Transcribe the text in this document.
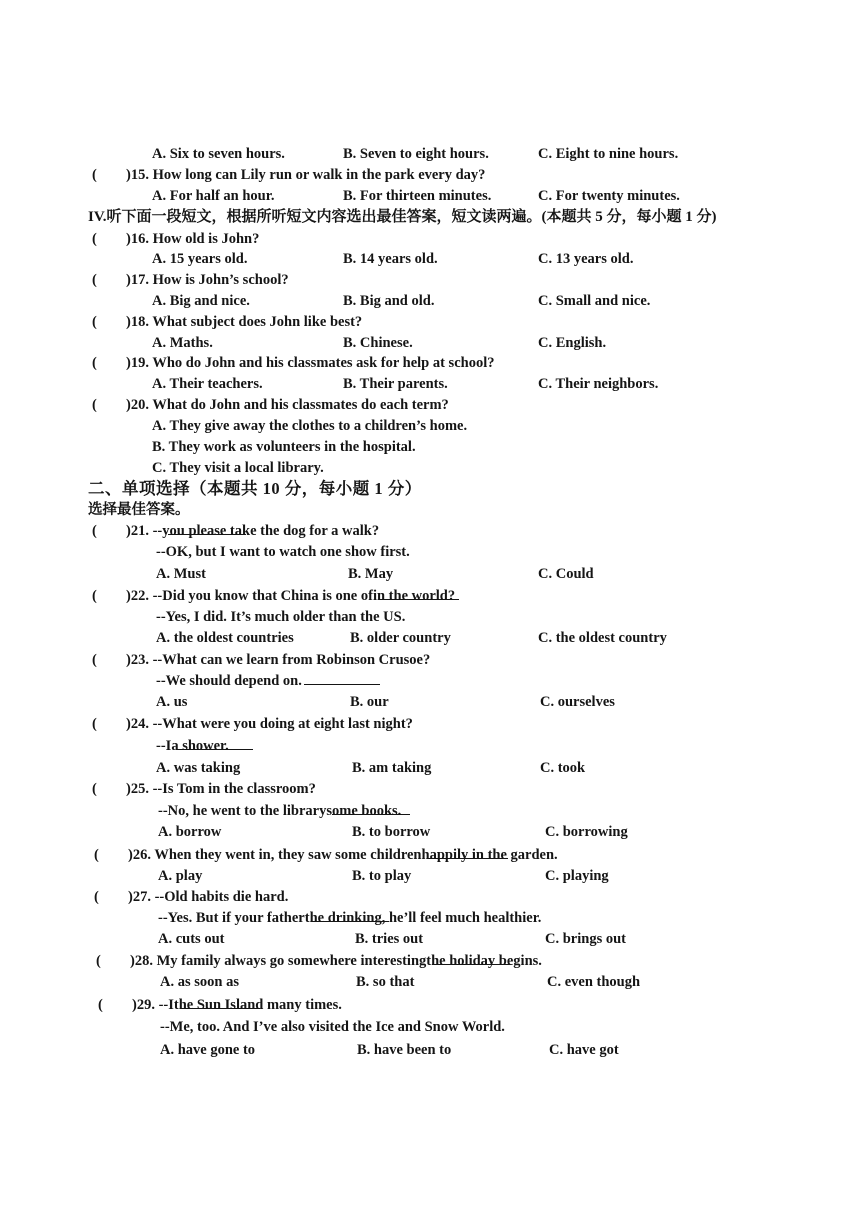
A. Six to seven hours.	B. Seven to eight hours.	C. Eight to nine hours.
( )15. How long can Lily run or walk in the park every day?
A. For half an hour.	B. For thirteen minutes.	C. For twenty minutes.
IV.听下面一段短文，根据所听短文内容选出最佳答案，短文读两遍。(本题共 5 分，每小题 1 分)
( )16. How old is John?
A. 15 years old.	B. 14 years old.	C. 13 years old.
( )17. How is John’s school?
A. Big and nice.	B. Big and old.	C. Small and nice.
( )18. What subject does John like best?
A. Maths.	B. Chinese.	C. English.
( )19. Who do John and his classmates ask for help at school?
A. Their teachers.	B. Their parents.	C. Their neighbors.
( )20. What do John and his classmates do each term?
A. They give away the clothes to a children’s home.
B. They work as volunteers in the hospital.
C. They visit a local library.
二、单项选择（本题共 10 分，每小题 1 分）
选择最佳答案。
( )21. --
you please take the dog for a walk?
--OK, but I want to watch one show first.
A. Must	B. May	C. Could
( )22. --Did you know that China is one of
in the world?
--Yes, I did. It’s much older than the US.
A. the oldest countries	B. older country	C. the oldest country
( )23. --What can we learn from Robinson Crusoe?
--We should depend on
.
A. us	B. our	C. ourselves
( )24. --What were you doing at eight last night?
--I
a shower.
A. was taking	B. am taking	C. took
( )25. --Is Tom in the classroom?
--No, he went to the library
some books.
A. borrow	B. to borrow	C. borrowing
( )26. When they went in, they saw some children
happily in the garden.
A. play	B. to play	C. playing
( )27. --Old habits die hard.
--Yes. But if your father
the drinking, he’ll feel much healthier.
A. cuts out	B. tries out	C. brings out
( )28. My family always go somewhere interesting
the holiday begins.
A. as soon as	B. so that	C. even though
( )29. --I
the Sun Island many times.
--Me, too. And I’ve also visited the Ice and Snow World.
A. have gone to	B. have been to	C. have got
